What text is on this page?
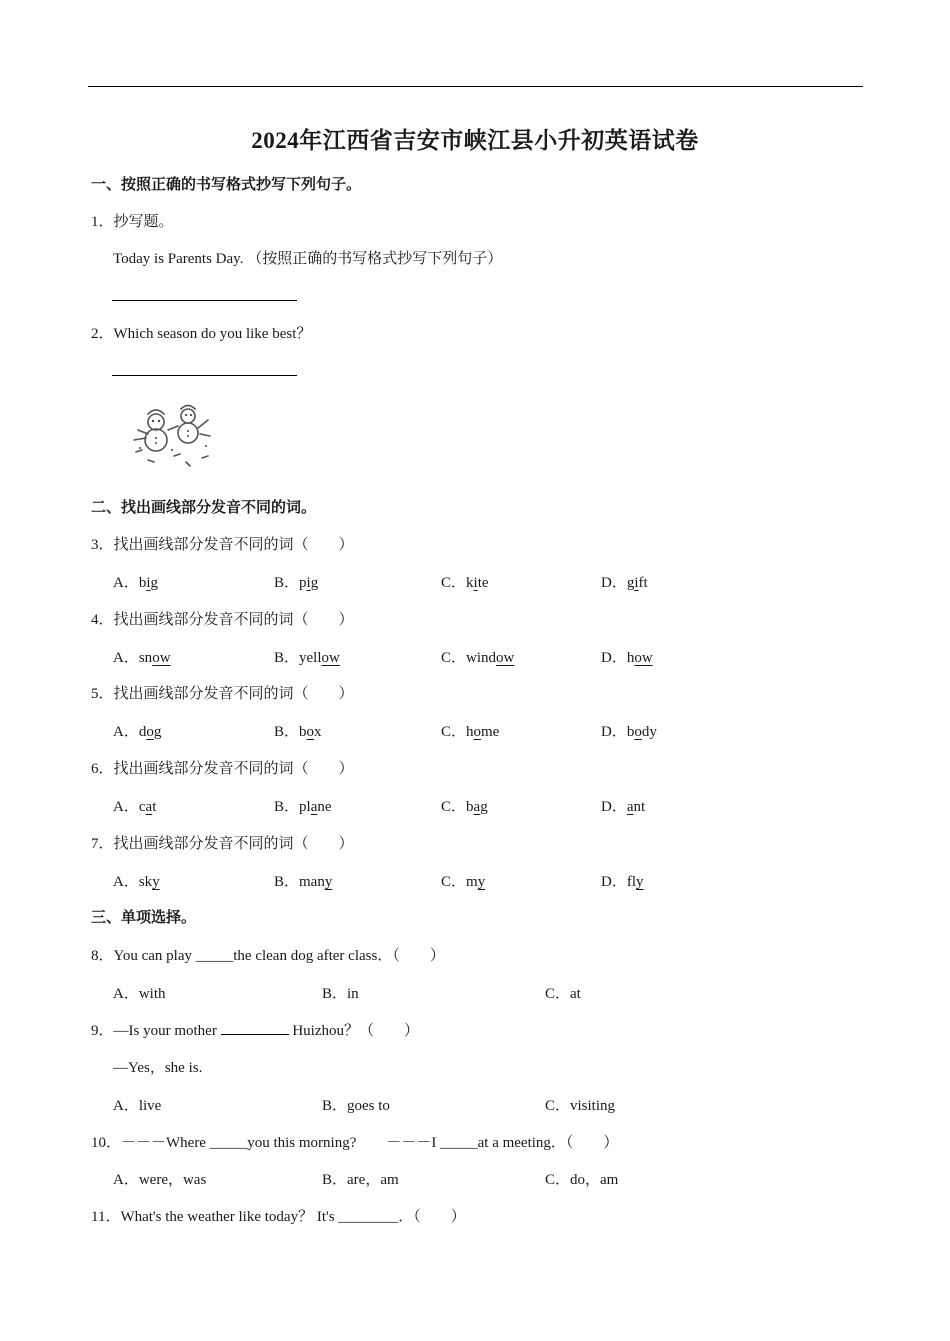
2024年江西省吉安市峡江县小升初英语试卷
一、按照正确的书写格式抄写下列句子。
1．抄写题。
Today is Parents Day. （按照正确的书写格式抄写下列句子）
2．Which season do you like best？
二、找出画线部分发音不同的词。
3．找出画线部分发音不同的词（　　）
A．big	B．pig	C．kite	D．gift
4．找出画线部分发音不同的词（　　）
A．snow	B．yellow	C．window	D．how
5．找出画线部分发音不同的词（　　）
A．dog	B．box	C．home	D．body
6．找出画线部分发音不同的词（　　）
A．cat	B．plane	C．bag	D．ant
7．找出画线部分发音不同的词（　　）
A．sky	B．many	C．my	D．fly
三、单项选择。
8．You can play _____the clean dog after class．（　　）
A．with	B．in	C．at
9．—Is your mother	Huizhou？（　　）
—Yes，she is.
A．live	B．goes to	C．visiting
10．－－－Where _____you this morning?　　－－－I _____at a meeting．（　　）
A．were，was	B．are，am	C．do，am
11．What's the weather like today？ It's ________．（　　）
